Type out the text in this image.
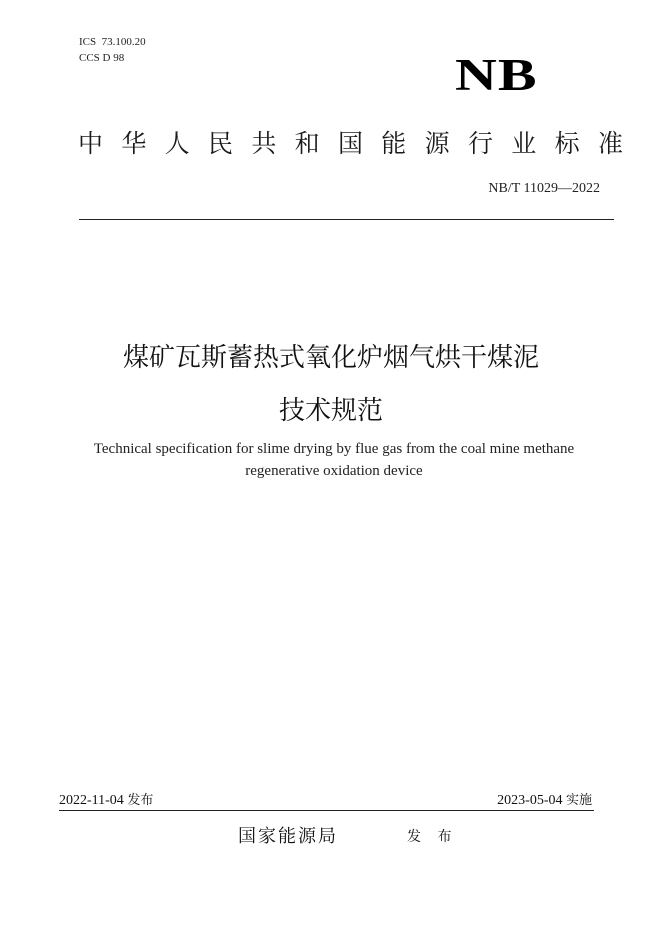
ICS  73.100.20
CCS D 98	NB
中 华 人 民 共 和 国 能 源 行 业 标 准
NB/T 11029—2022
煤矿瓦斯蓄热式氧化炉烟气烘干煤泥
技术规范
Technical specification for slime drying by flue gas from the coal mine methane
regenerative oxidation device
2022-11-04 发布	2023-05-04 实施
国家能源局	发 布
